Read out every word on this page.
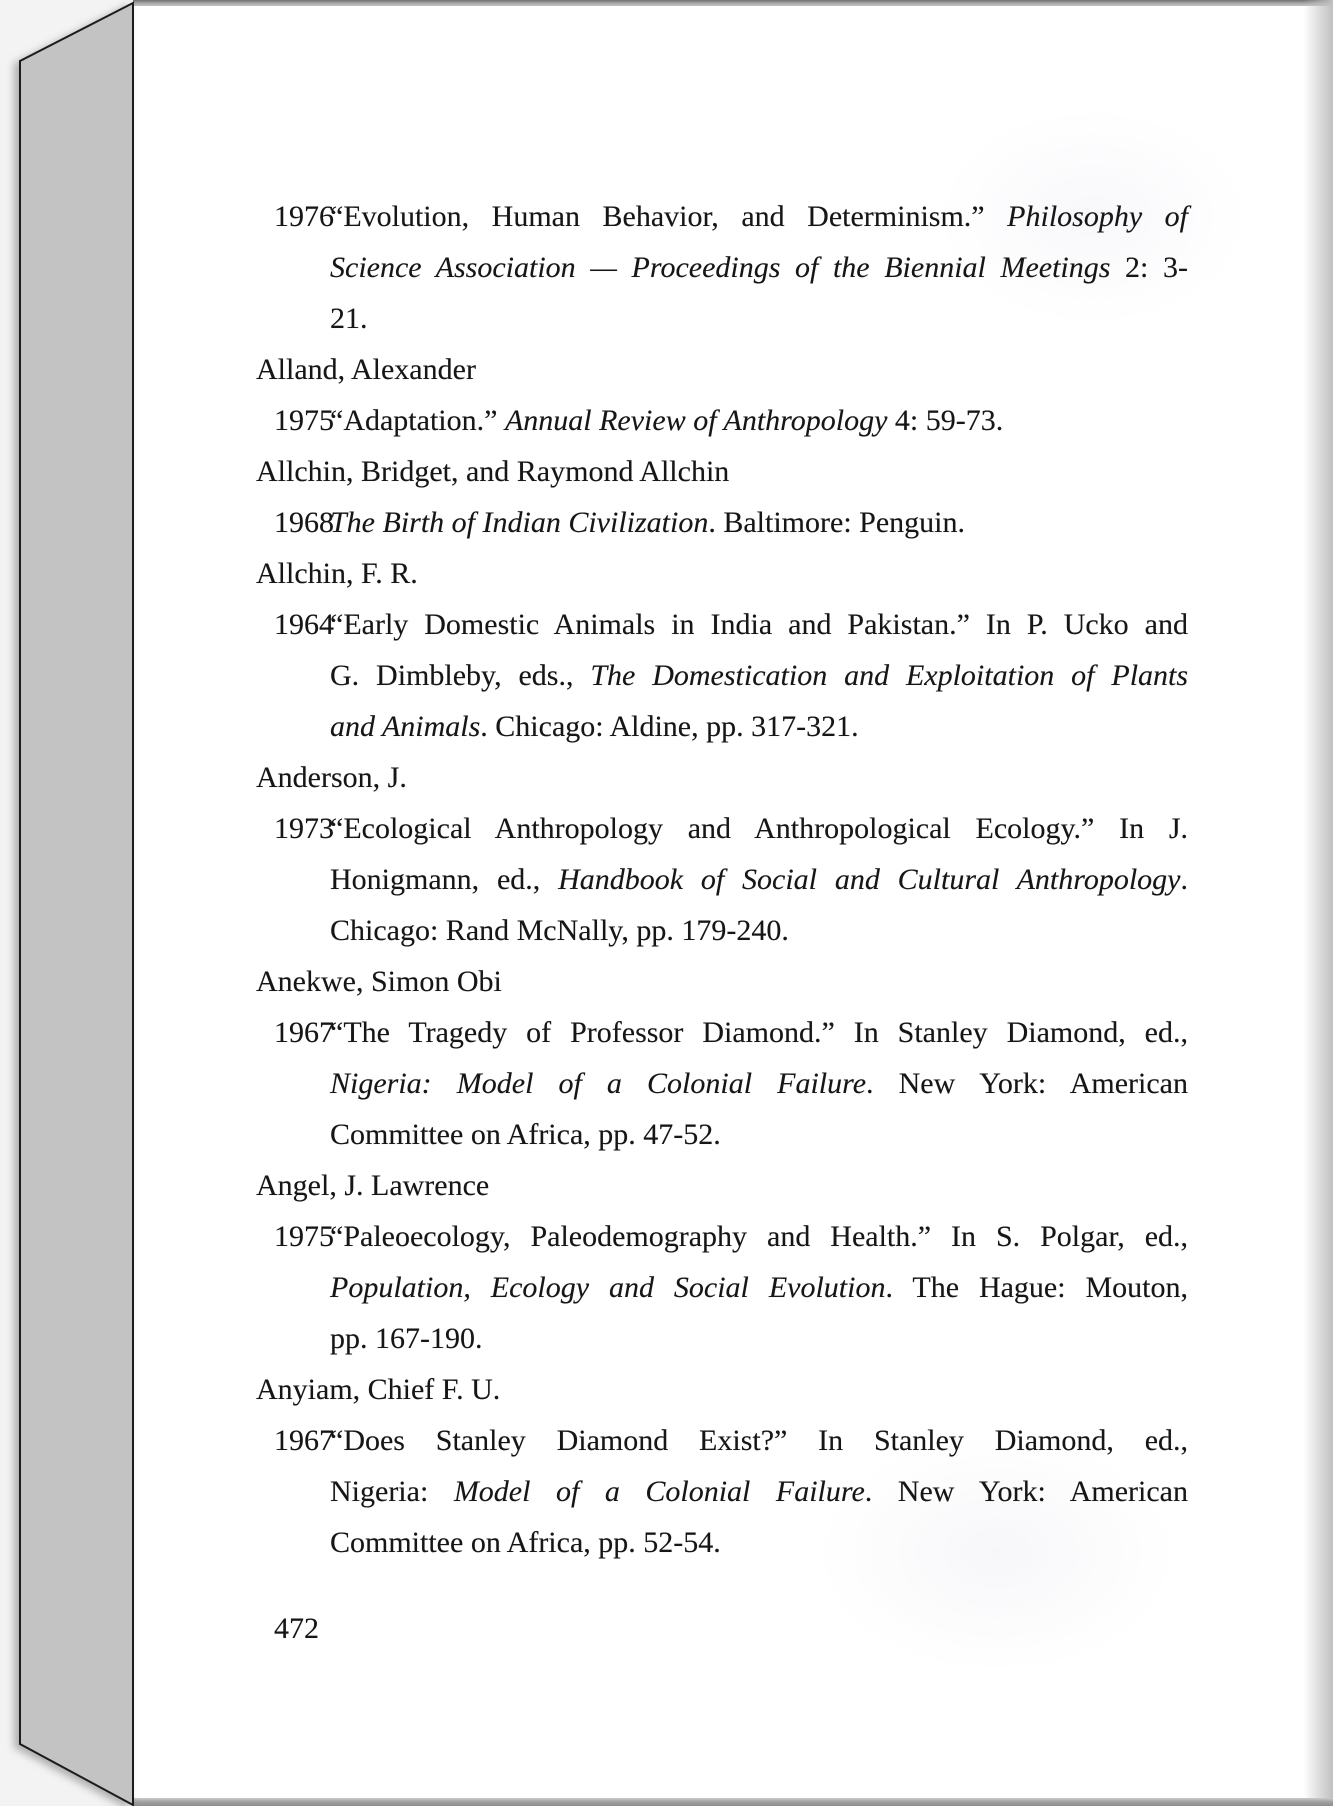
1976
“Evolution, Human Behavior, and Determinism.” Philosophy of
Science Association — Proceedings of the Biennial Meetings 2: 3-
21.
Alland, Alexander
1975
“Adaptation.” Annual Review of Anthropology 4: 59-73.
Allchin, Bridget, and Raymond Allchin
1968
The Birth of Indian Civilization. Baltimore: Penguin.
Allchin, F. R.
1964
“Early Domestic Animals in India and Pakistan.” In P. Ucko and
G. Dimbleby, eds., The Domestication and Exploitation of Plants
and Animals. Chicago: Aldine, pp. 317-321.
Anderson, J.
1973
“Ecological Anthropology and Anthropological Ecology.” In J.
Honigmann, ed., Handbook of Social and Cultural Anthropology.
Chicago: Rand McNally, pp. 179-240.
Anekwe, Simon Obi
1967
“The Tragedy of Professor Diamond.” In Stanley Diamond, ed.,
Nigeria: Model of a Colonial Failure. New York: American
Committee on Africa, pp. 47-52.
Angel, J. Lawrence
1975
“Paleoecology, Paleodemography and Health.” In S. Polgar, ed.,
Population, Ecology and Social Evolution. The Hague: Mouton,
pp. 167-190.
Anyiam, Chief F. U.
1967
“Does Stanley Diamond Exist?” In Stanley Diamond, ed.,
Nigeria: Model of a Colonial Failure. New York: American
Committee on Africa, pp. 52-54.
472
